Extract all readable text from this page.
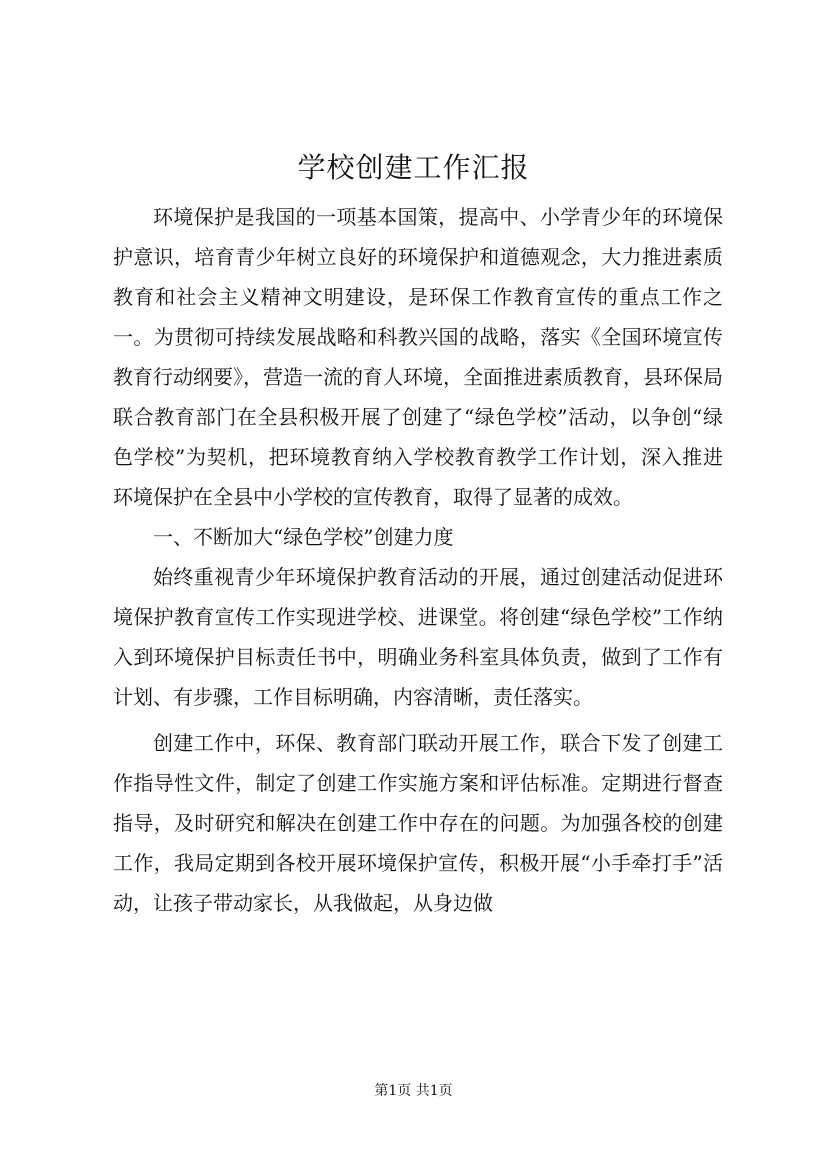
学校创建工作汇报

环境保护是我国的一项基本国策，提高中、小学青少年的环境保护意识，培育青少年树立良好的环境保护和道德观念，大力推进素质教育和社会主义精神文明建设，是环保工作教育宣传的重点工作之一。为贯彻可持续发展战略和科教兴国的战略，落实《全国环境宣传教育行动纲要》，营造一流的育人环境，全面推进素质教育，县环保局联合教育部门在全县积极开展了创建了“绿色学校”活动，以争创“绿色学校”为契机，把环境教育纳入学校教育教学工作计划，深入推进环境保护在全县中小学校的宣传教育，取得了显著的成效。

一、不断加大“绿色学校”创建力度

始终重视青少年环境保护教育活动的开展，通过创建活动促进环境保护教育宣传工作实现进学校、进课堂。将创建“绿色学校”工作纳入到环境保护目标责任书中，明确业务科室具体负责，做到了工作有计划、有步骤，工作目标明确，内容清晰，责任落实。

创建工作中，环保、教育部门联动开展工作，联合下发了创建工作指导性文件，制定了创建工作实施方案和评估标准。定期进行督查指导，及时研究和解决在创建工作中存在的问题。为加强各校的创建工作，我局定期到各校开展环境保护宣传，积极开展“小手牵打手”活动，让孩子带动家长，从我做起，从身边做

第1页 共1页
